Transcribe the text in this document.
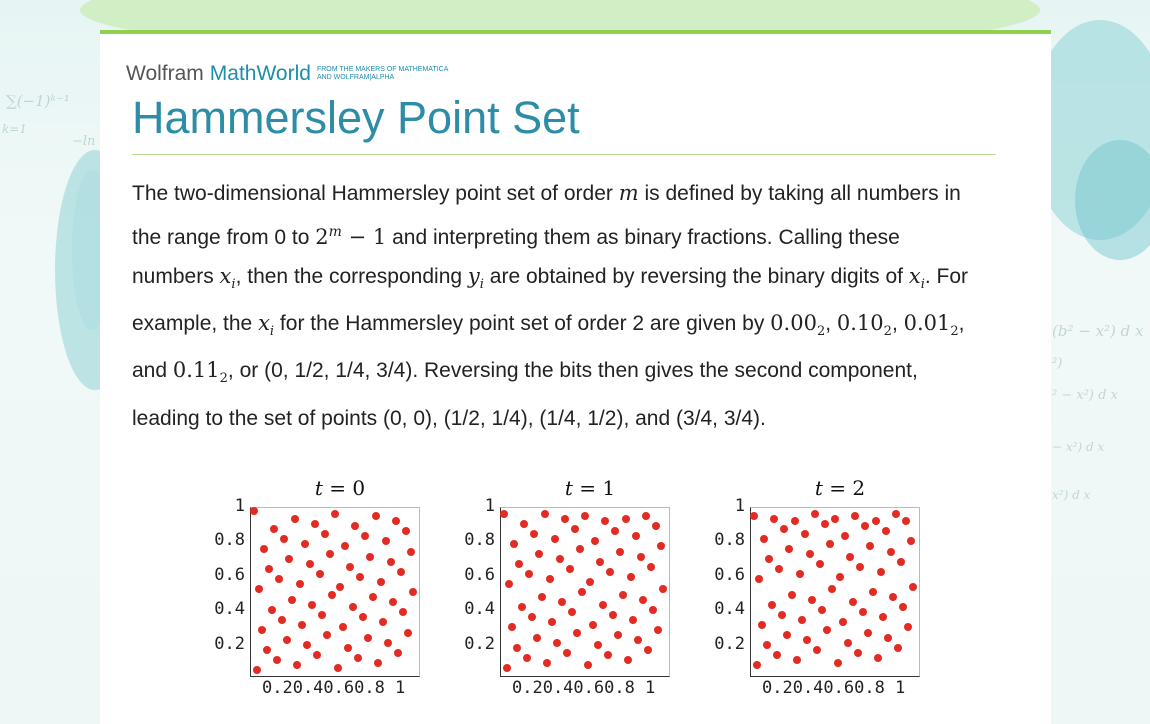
∑(−1)ᵏ⁻¹
k=1
−ln
(b² − x²) d x
²)
² − x²) d x
− x²) d x
x²) d x
Wolfram MathWorld FROM THE MAKERS OF MATHEMATICA
AND WOLFRAM|ALPHA
Hammersley Point Set
The two-dimensional Hammersley point set of order m is defined by taking all numbers in the range from 0 to $2^m - 1$ and interpreting them as binary fractions. Calling these numbers $x_i$, then the corresponding $y_i$ are obtained by reversing the binary digits of $x_i$. For example, the $x_i$ for the Hammersley point set of order 2 are given by $0.00_2$, $0.10_2$, $0.01_2$, and $0.11_2$, or (0, 1/2, 1/4, 3/4). Reversing the bits then gives the second component, leading to the set of points (0, 0), (1/2, 1/4), (1/4, 1/2), and (3/4, 3/4).
t = 0
1
0.8
0.6
0.4
0.2
0.20.40.60.8 1
t = 1
1
0.8
0.6
0.4
0.2
0.20.40.60.8 1
t = 2
1
0.8
0.6
0.4
0.2
0.20.40.60.8 1
